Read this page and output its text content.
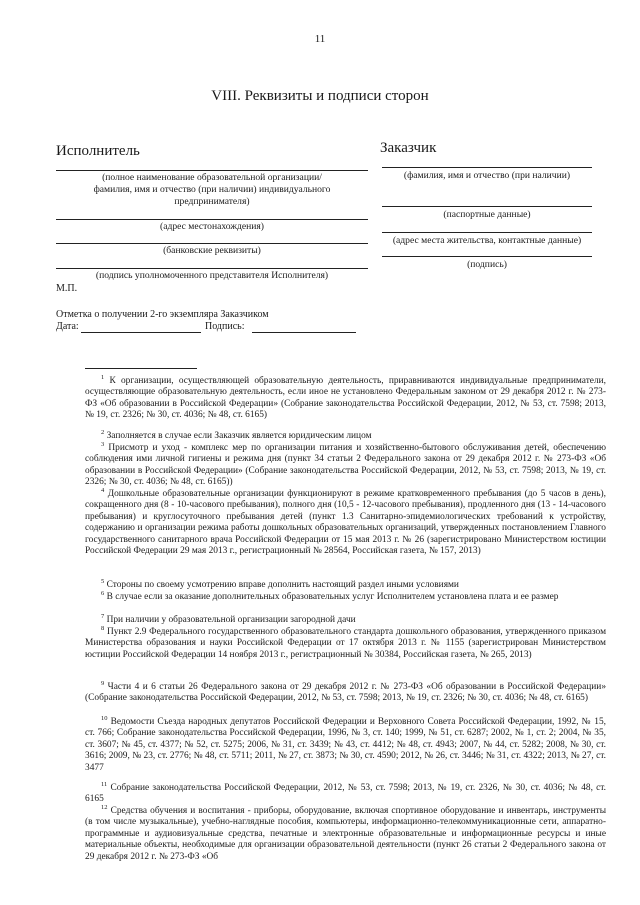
11
VIII. Реквизиты и подписи сторон
Исполнитель
(полное наименование образовательной организации/
фамилия, имя и отчество (при наличии) индивидуального
предпринимателя)
(адрес местонахождения)
(банковские реквизиты)
(подпись уполномоченного представителя Исполнителя)
М.П.
Заказчик
(фамилия, имя и отчество (при наличии)
(паспортные данные)
(адрес места жительства, контактные данные)
(подпись)
Отметка о получении 2-го экземпляра Заказчиком
Дата:	Подпись:
$^1$ К организации, осуществляющей образовательную деятельность, приравниваются индивидуальные предприниматели, осуществляющие образовательную деятельность, если иное не установлено Федеральным законом от 29 декабря 2012 г. № 273-ФЗ «Об образовании в Российской Федерации» (Собрание законодательства Российской Федерации, 2012, № 53, ст. 7598; 2013, № 19, ст. 2326; № 30, ст. 4036; № 48, ст. 6165)
$^2$ Заполняется в случае если Заказчик является юридическим лицом
$^3$ Присмотр и уход - комплекс мер по организации питания и хозяйственно-бытового обслуживания детей, обеспечению соблюдения ими личной гигиены и режима дня (пункт 34 статьи 2 Федерального закона от 29 декабря 2012 г. № 273-ФЗ «Об образовании в Российской Федерации» (Собрание законодательства Российской Федерации, 2012, № 53, ст. 7598; 2013, № 19, ст. 2326; № 30, ст. 4036; № 48, ст. 6165))
$^4$ Дошкольные образовательные организации функционируют в режиме кратковременного пребывания (до 5 часов в день), сокращенного дня (8 - 10-часового пребывания), полного дня (10,5 - 12-часового пребывания), продленного дня (13 - 14-часового пребывания) и круглосуточного пребывания детей (пункт 1.3 Санитарно-эпидемиологических требований к устройству, содержанию и организации режима работы дошкольных образовательных организаций, утвержденных постановлением Главного государственного санитарного врача Российской Федерации от 15 мая 2013 г. № 26 (зарегистрировано Министерством юстиции Российской Федерации 29 мая 2013 г., регистрационный № 28564, Российская газета, № 157, 2013)
$^5$ Стороны по своему усмотрению вправе дополнить настоящий раздел иными условиями
$^6$ В случае если за оказание дополнительных образовательных услуг Исполнителем установлена плата и ее размер
$^7$ При наличии у образовательной организации загородной дачи
$^8$ Пункт 2.9 Федерального государственного образовательного стандарта дошкольного образования, утвержденного приказом Министерства образования и науки Российской Федерации от 17 октября 2013 г. № 1155 (зарегистрирован Министерством юстиции Российской Федерации 14 ноября 2013 г., регистрационный № 30384, Российская газета, № 265, 2013)
$^9$ Части 4 и 6 статьи 26 Федерального закона от 29 декабря 2012 г. № 273-ФЗ «Об образовании в Российской Федерации» (Собрание законодательства Российской Федерации, 2012, № 53, ст. 7598; 2013, № 19, ст. 2326; № 30, ст. 4036; № 48, ст. 6165)
$^{10}$ Ведомости Съезда народных депутатов Российской Федерации и Верховного Совета Российской Федерации, 1992, № 15, ст. 766; Собрание законодательства Российской Федерации, 1996, № 3, ст. 140; 1999, № 51, ст. 6287; 2002, № 1, ст. 2; 2004, № 35, ст. 3607; № 45, ст. 4377; № 52, ст. 5275; 2006, № 31, ст. 3439; № 43, ст. 4412; № 48, ст. 4943; 2007, № 44, ст. 5282; 2008, № 30, ст. 3616; 2009, № 23, ст. 2776; № 48, ст. 5711; 2011, № 27, ст. 3873; № 30, ст. 4590; 2012, № 26, ст. 3446; № 31, ст. 4322; 2013, № 27, ст. 3477
$^{11}$ Собрание законодательства Российской Федерации, 2012, № 53, ст. 7598; 2013, № 19, ст. 2326, № 30, ст. 4036; № 48, ст. 6165
$^{12}$ Средства обучения и воспитания - приборы, оборудование, включая спортивное оборудование и инвентарь, инструменты (в том числе музыкальные), учебно-наглядные пособия, компьютеры, информационно-телекоммуникационные сети, аппаратно-программные и аудиовизуальные средства, печатные и электронные образовательные и информационные ресурсы и иные материальные объекты, необходимые для организации образовательной деятельности (пункт 26 статьи 2 Федерального закона от 29 декабря 2012 г. № 273-ФЗ «Об
